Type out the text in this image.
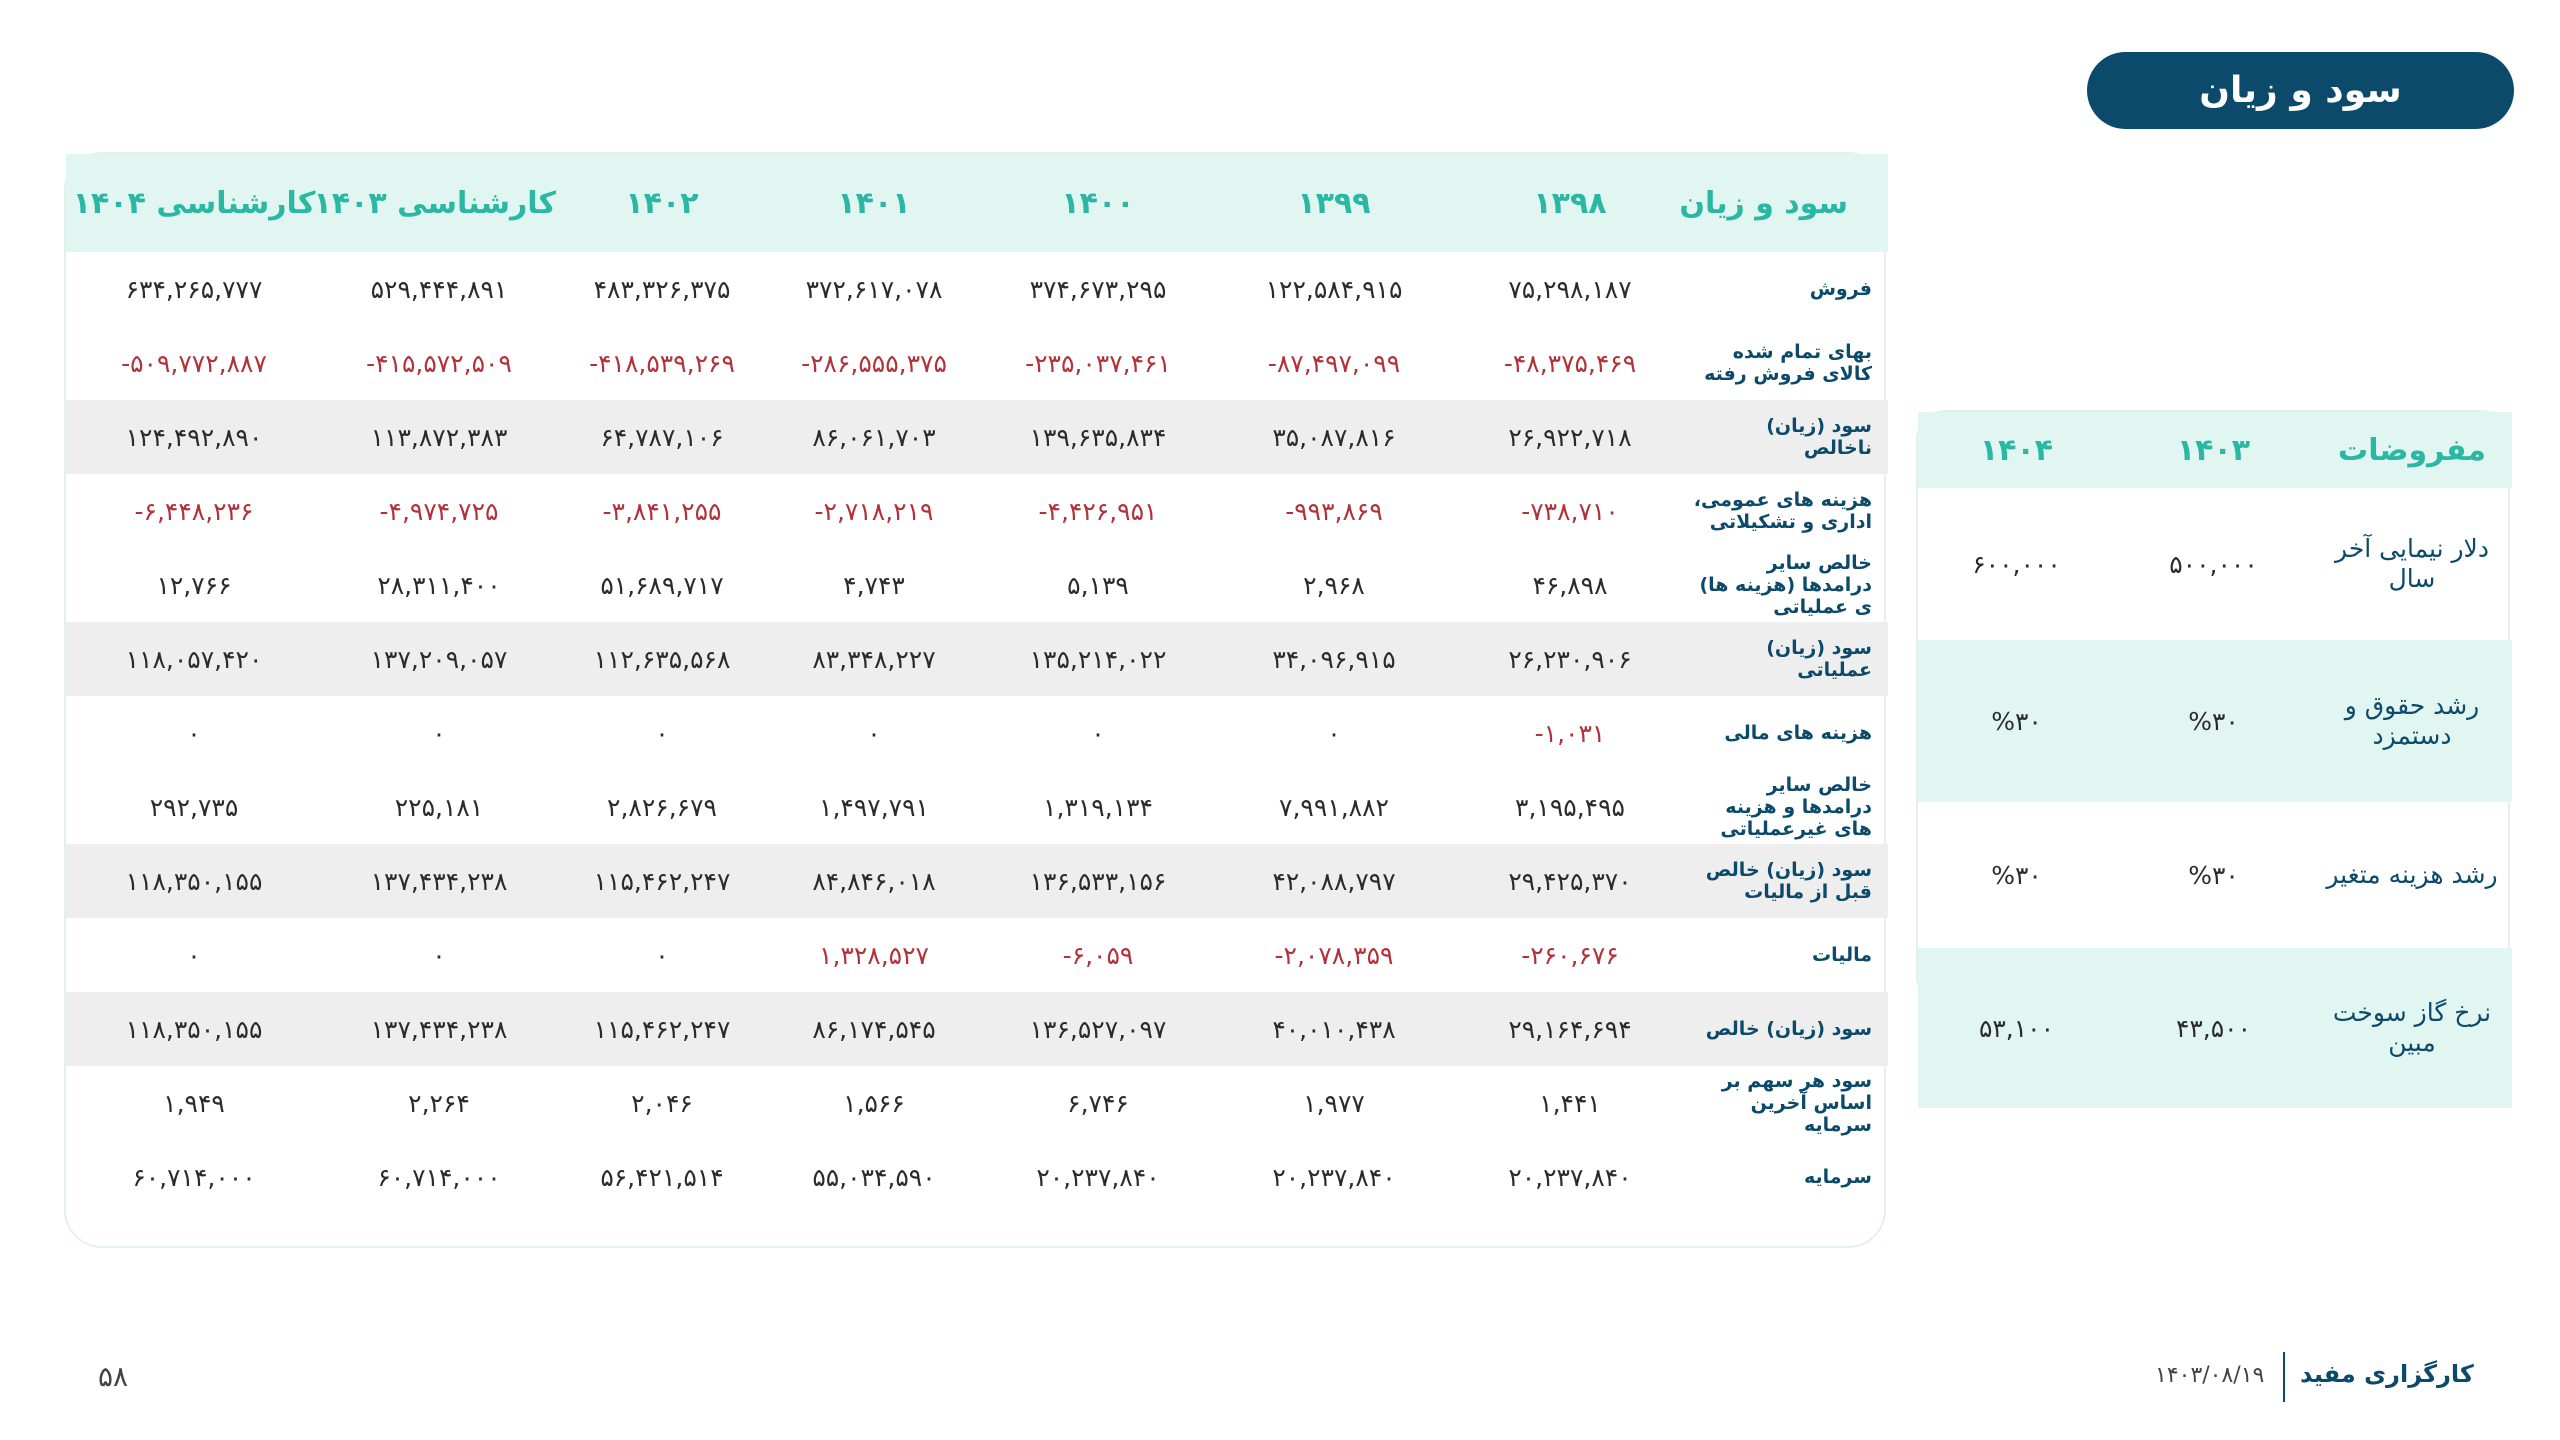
سود و زیان
سود و زیان	۱۳۹۸	۱۳۹۹	۱۴۰۰	۱۴۰۱	۱۴۰۲	کارشناسی ۱۴۰۳	کارشناسی ۱۴۰۴
فروش	۷۵,۲۹۸,۱۸۷	۱۲۲,۵۸۴,۹۱۵	۳۷۴,۶۷۳,۲۹۵	۳۷۲,۶۱۷,۰۷۸	۴۸۳,۳۲۶,۳۷۵	۵۲۹,۴۴۴,۸۹۱	۶۳۴,۲۶۵,۷۷۷
بهای تمام شده کالای فروش رفته	-۴۸,۳۷۵,۴۶۹	-۸۷,۴۹۷,۰۹۹	-۲۳۵,۰۳۷,۴۶۱	-۲۸۶,۵۵۵,۳۷۵	-۴۱۸,۵۳۹,۲۶۹	-۴۱۵,۵۷۲,۵۰۹	-۵۰۹,۷۷۲,۸۸۷
سود (زیان) ناخالص	۲۶,۹۲۲,۷۱۸	۳۵,۰۸۷,۸۱۶	۱۳۹,۶۳۵,۸۳۴	۸۶,۰۶۱,۷۰۳	۶۴,۷۸۷,۱۰۶	۱۱۳,۸۷۲,۳۸۳	۱۲۴,۴۹۲,۸۹۰
هزینه های عمومی، اداری و تشکیلاتی	-۷۳۸,۷۱۰	-۹۹۳,۸۶۹	-۴,۴۲۶,۹۵۱	-۲,۷۱۸,۲۱۹	-۳,۸۴۱,۲۵۵	-۴,۹۷۴,۷۲۵	-۶,۴۴۸,۲۳۶
خالص سایر درامدها (هزینه ها) ی عملیاتی	۴۶,۸۹۸	۲,۹۶۸	۵,۱۳۹	۴,۷۴۳	۵۱,۶۸۹,۷۱۷	۲۸,۳۱۱,۴۰۰	۱۲,۷۶۶
سود (زیان) عملیاتی	۲۶,۲۳۰,۹۰۶	۳۴,۰۹۶,۹۱۵	۱۳۵,۲۱۴,۰۲۲	۸۳,۳۴۸,۲۲۷	۱۱۲,۶۳۵,۵۶۸	۱۳۷,۲۰۹,۰۵۷	۱۱۸,۰۵۷,۴۲۰
هزینه های مالی	-۱,۰۳۱	۰	۰	۰	۰	۰	۰
خالص سایر درامدها و هزینه های غیرعملیاتی	۳,۱۹۵,۴۹۵	۷,۹۹۱,۸۸۲	۱,۳۱۹,۱۳۴	۱,۴۹۷,۷۹۱	۲,۸۲۶,۶۷۹	۲۲۵,۱۸۱	۲۹۲,۷۳۵
سود (زیان) خالص قبل از مالیات	۲۹,۴۲۵,۳۷۰	۴۲,۰۸۸,۷۹۷	۱۳۶,۵۳۳,۱۵۶	۸۴,۸۴۶,۰۱۸	۱۱۵,۴۶۲,۲۴۷	۱۳۷,۴۳۴,۲۳۸	۱۱۸,۳۵۰,۱۵۵
مالیات	-۲۶۰,۶۷۶	-۲,۰۷۸,۳۵۹	-۶,۰۵۹	۱,۳۲۸,۵۲۷	۰	۰	۰
سود (زیان) خالص	۲۹,۱۶۴,۶۹۴	۴۰,۰۱۰,۴۳۸	۱۳۶,۵۲۷,۰۹۷	۸۶,۱۷۴,۵۴۵	۱۱۵,۴۶۲,۲۴۷	۱۳۷,۴۳۴,۲۳۸	۱۱۸,۳۵۰,۱۵۵
سود هر سهم بر اساس آخرین سرمایه	۱,۴۴۱	۱,۹۷۷	۶,۷۴۶	۱,۵۶۶	۲,۰۴۶	۲,۲۶۴	۱,۹۴۹
سرمایه	۲۰,۲۳۷,۸۴۰	۲۰,۲۳۷,۸۴۰	۲۰,۲۳۷,۸۴۰	۵۵,۰۳۴,۵۹۰	۵۶,۴۲۱,۵۱۴	۶۰,۷۱۴,۰۰۰	۶۰,۷۱۴,۰۰۰
مفروضات	۱۴۰۳	۱۴۰۴
دلار نیمایی آخر سال	۵۰۰,۰۰۰	۶۰۰,۰۰۰
رشد حقوق و دستمزد	%۳۰	%۳۰
رشد هزینه متغیر	%۳۰	%۳۰
نرخ گاز سوخت مبین	۴۳,۵۰۰	۵۳,۱۰۰
کارگزاری مفید
۱۴۰۳/۰۸/۱۹
۵۸
